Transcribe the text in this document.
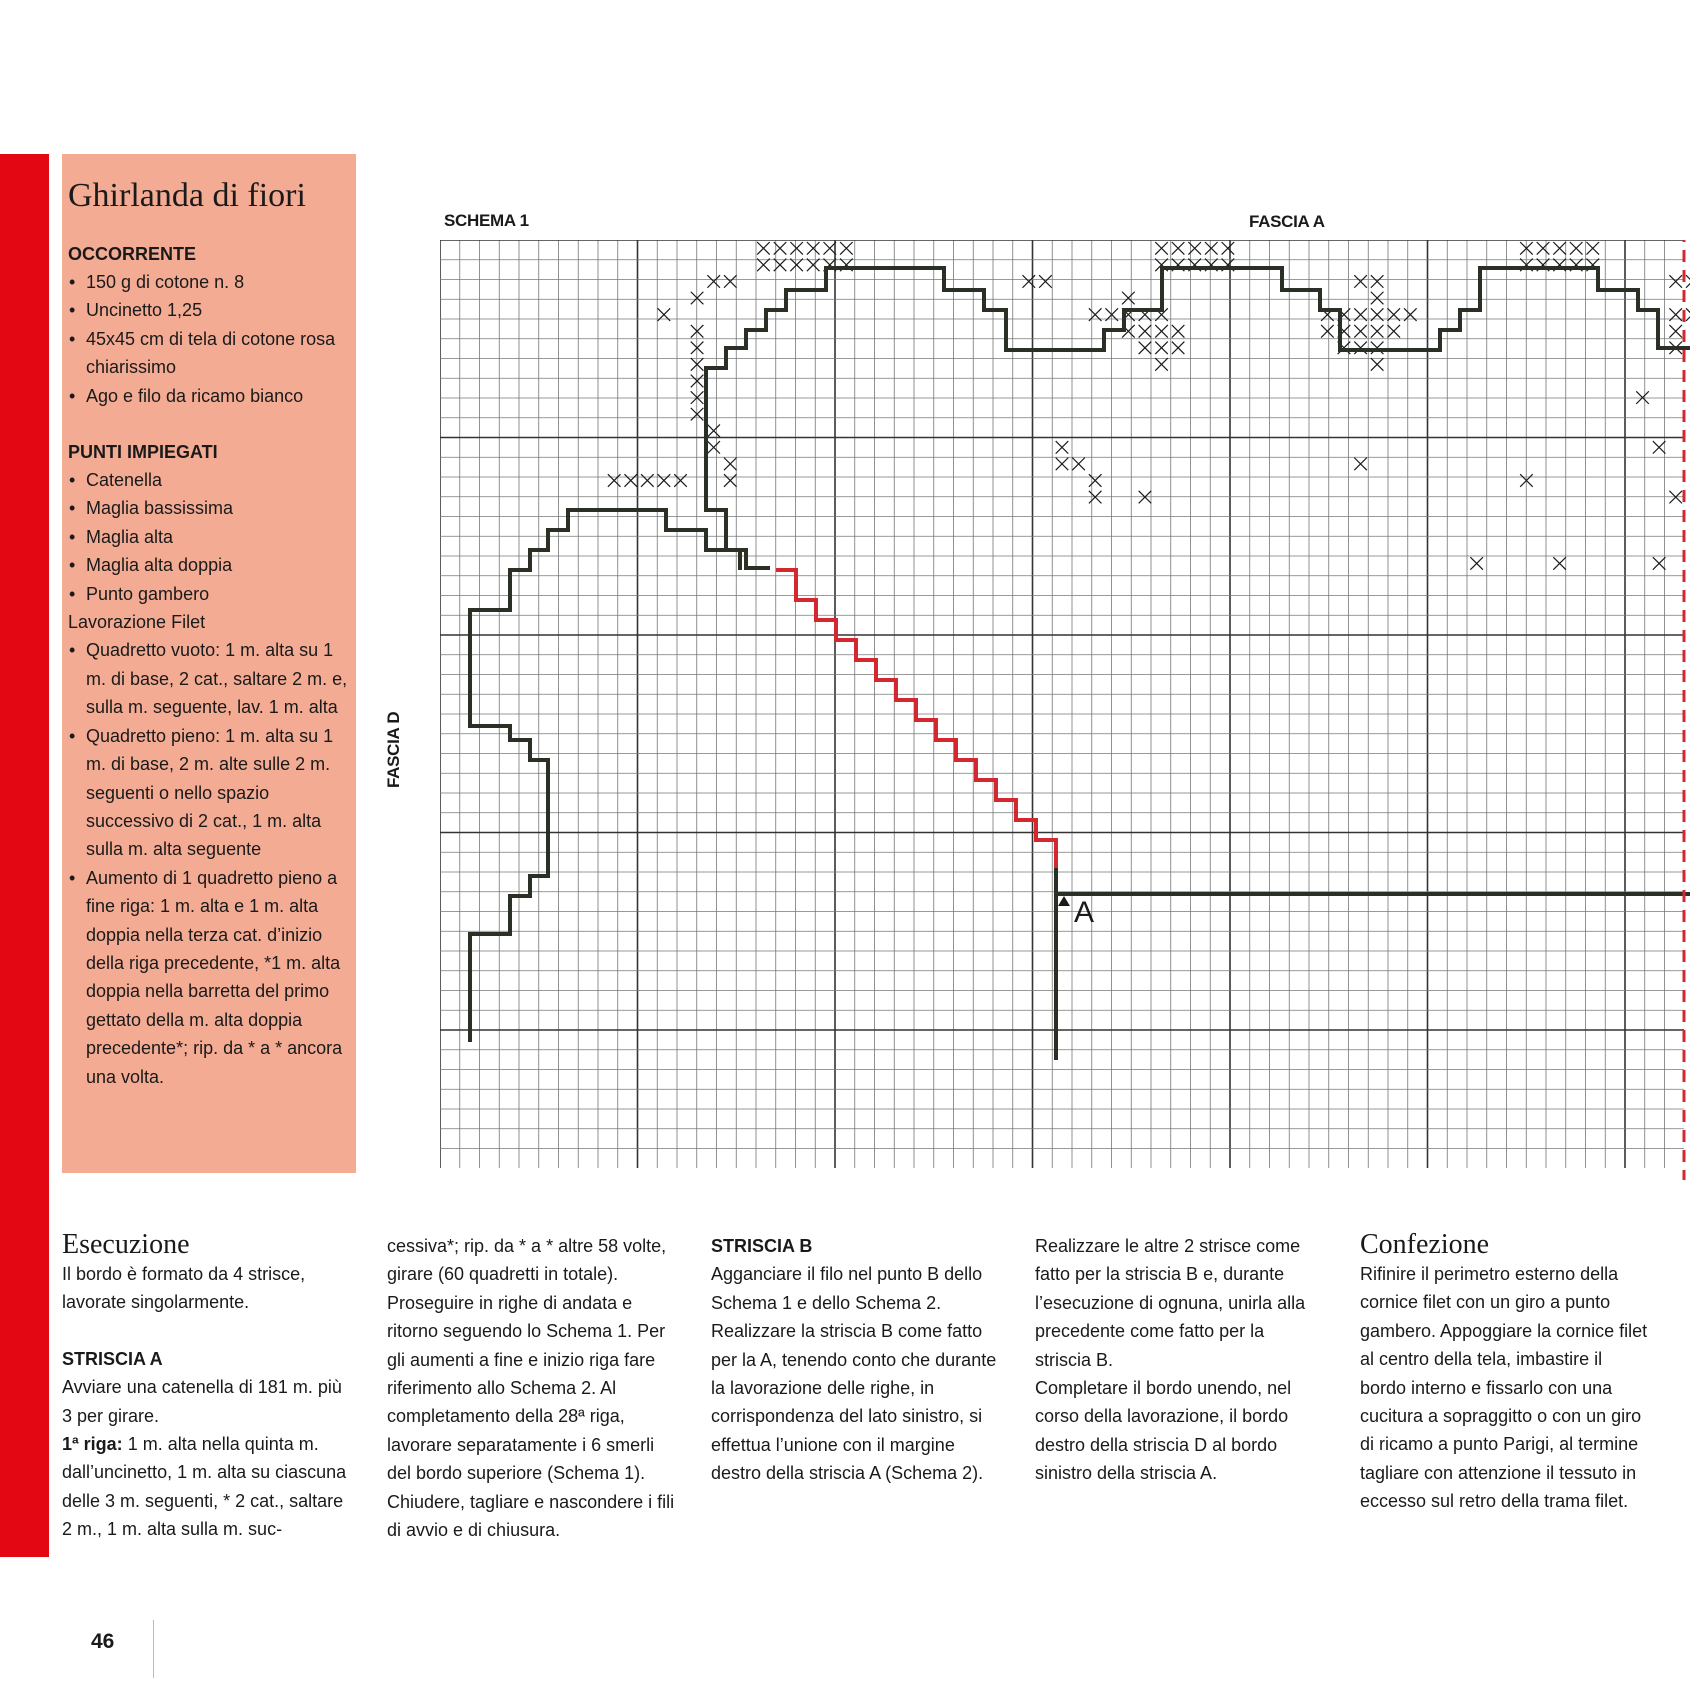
Ghirlanda di fiori

OCCORRENTE

• 150 g di cotone n. 8
• Uncinetto 1,25
• 45x45 cm di tela di cotone rosa chiarissimo
• Ago e filo da ricamo bianco

PUNTI IMPIEGATI

• Catenella
• Maglia bassissima
• Maglia alta
• Maglia alta doppia
• Punto gambero

Lavorazione Filet

• Quadretto vuoto: 1 m. alta su 1 m. di base, 2 cat., saltare 2 m. e, sulla m. seguente, lav. 1 m. alta
• Quadretto pieno: 1 m. alta su 1 m. di base, 2 m. alte sulle 2 m. seguenti o nello spazio successivo di 2 cat., 1 m. alta sulla m. alta seguente
• Aumento di 1 quadretto pieno a fine riga: 1 m. alta e 1 m. alta doppia nella terza cat. d’inizio della riga precedente, *1 m. alta doppia nella barretta del primo gettato della m. alta doppia precedente*; rip. da * a * ancora una volta.
SCHEMA 1	FASCIA A
FASCIA D
A
Esecuzione

Il bordo è formato da 4 strisce, lavorate singolarmente.

STRISCIA A

Avviare una catenella di 181 m. più 3 per girare.

1ª riga: 1 m. alta nella quinta m. dall’uncinetto, 1 m. alta su ciascuna delle 3 m. seguenti, * 2 cat., saltare 2 m., 1 m. alta sulla m. suc-

cessiva*; rip. da * a * altre 58 volte, girare (60 quadretti in totale). Proseguire in righe di andata e ritorno seguendo lo Schema 1. Per gli aumenti a fine e inizio riga fare riferimento allo Schema 2. Al completamento della 28ª riga, lavorare separatamente i 6 smerli del bordo superiore (Schema 1). Chiudere, tagliare e nascondere i fili di avvio e di chiusura.

STRISCIA B

Agganciare il filo nel punto B dello Schema 1 e dello Schema 2.

Realizzare la striscia B come fatto per la A, tenendo conto che durante la lavorazione delle righe, in corrispondenza del lato sinistro, si effettua l’unione con il margine destro della striscia A (Schema 2).

Realizzare le altre 2 strisce come fatto per la striscia B e, durante l’esecuzione di ognuna, unirla alla precedente come fatto per la striscia B.

Completare il bordo unendo, nel corso della lavorazione, il bordo destro della striscia D al bordo sinistro della striscia A.

Confezione

Rifinire il perimetro esterno della cornice filet con un giro a punto gambero. Appoggiare la cornice filet al centro della tela, imbastire il bordo interno e fissarlo con una cucitura a sopraggitto o con un giro di ricamo a punto Parigi, al termine tagliare con attenzione il tessuto in eccesso sul retro della trama filet.

46
